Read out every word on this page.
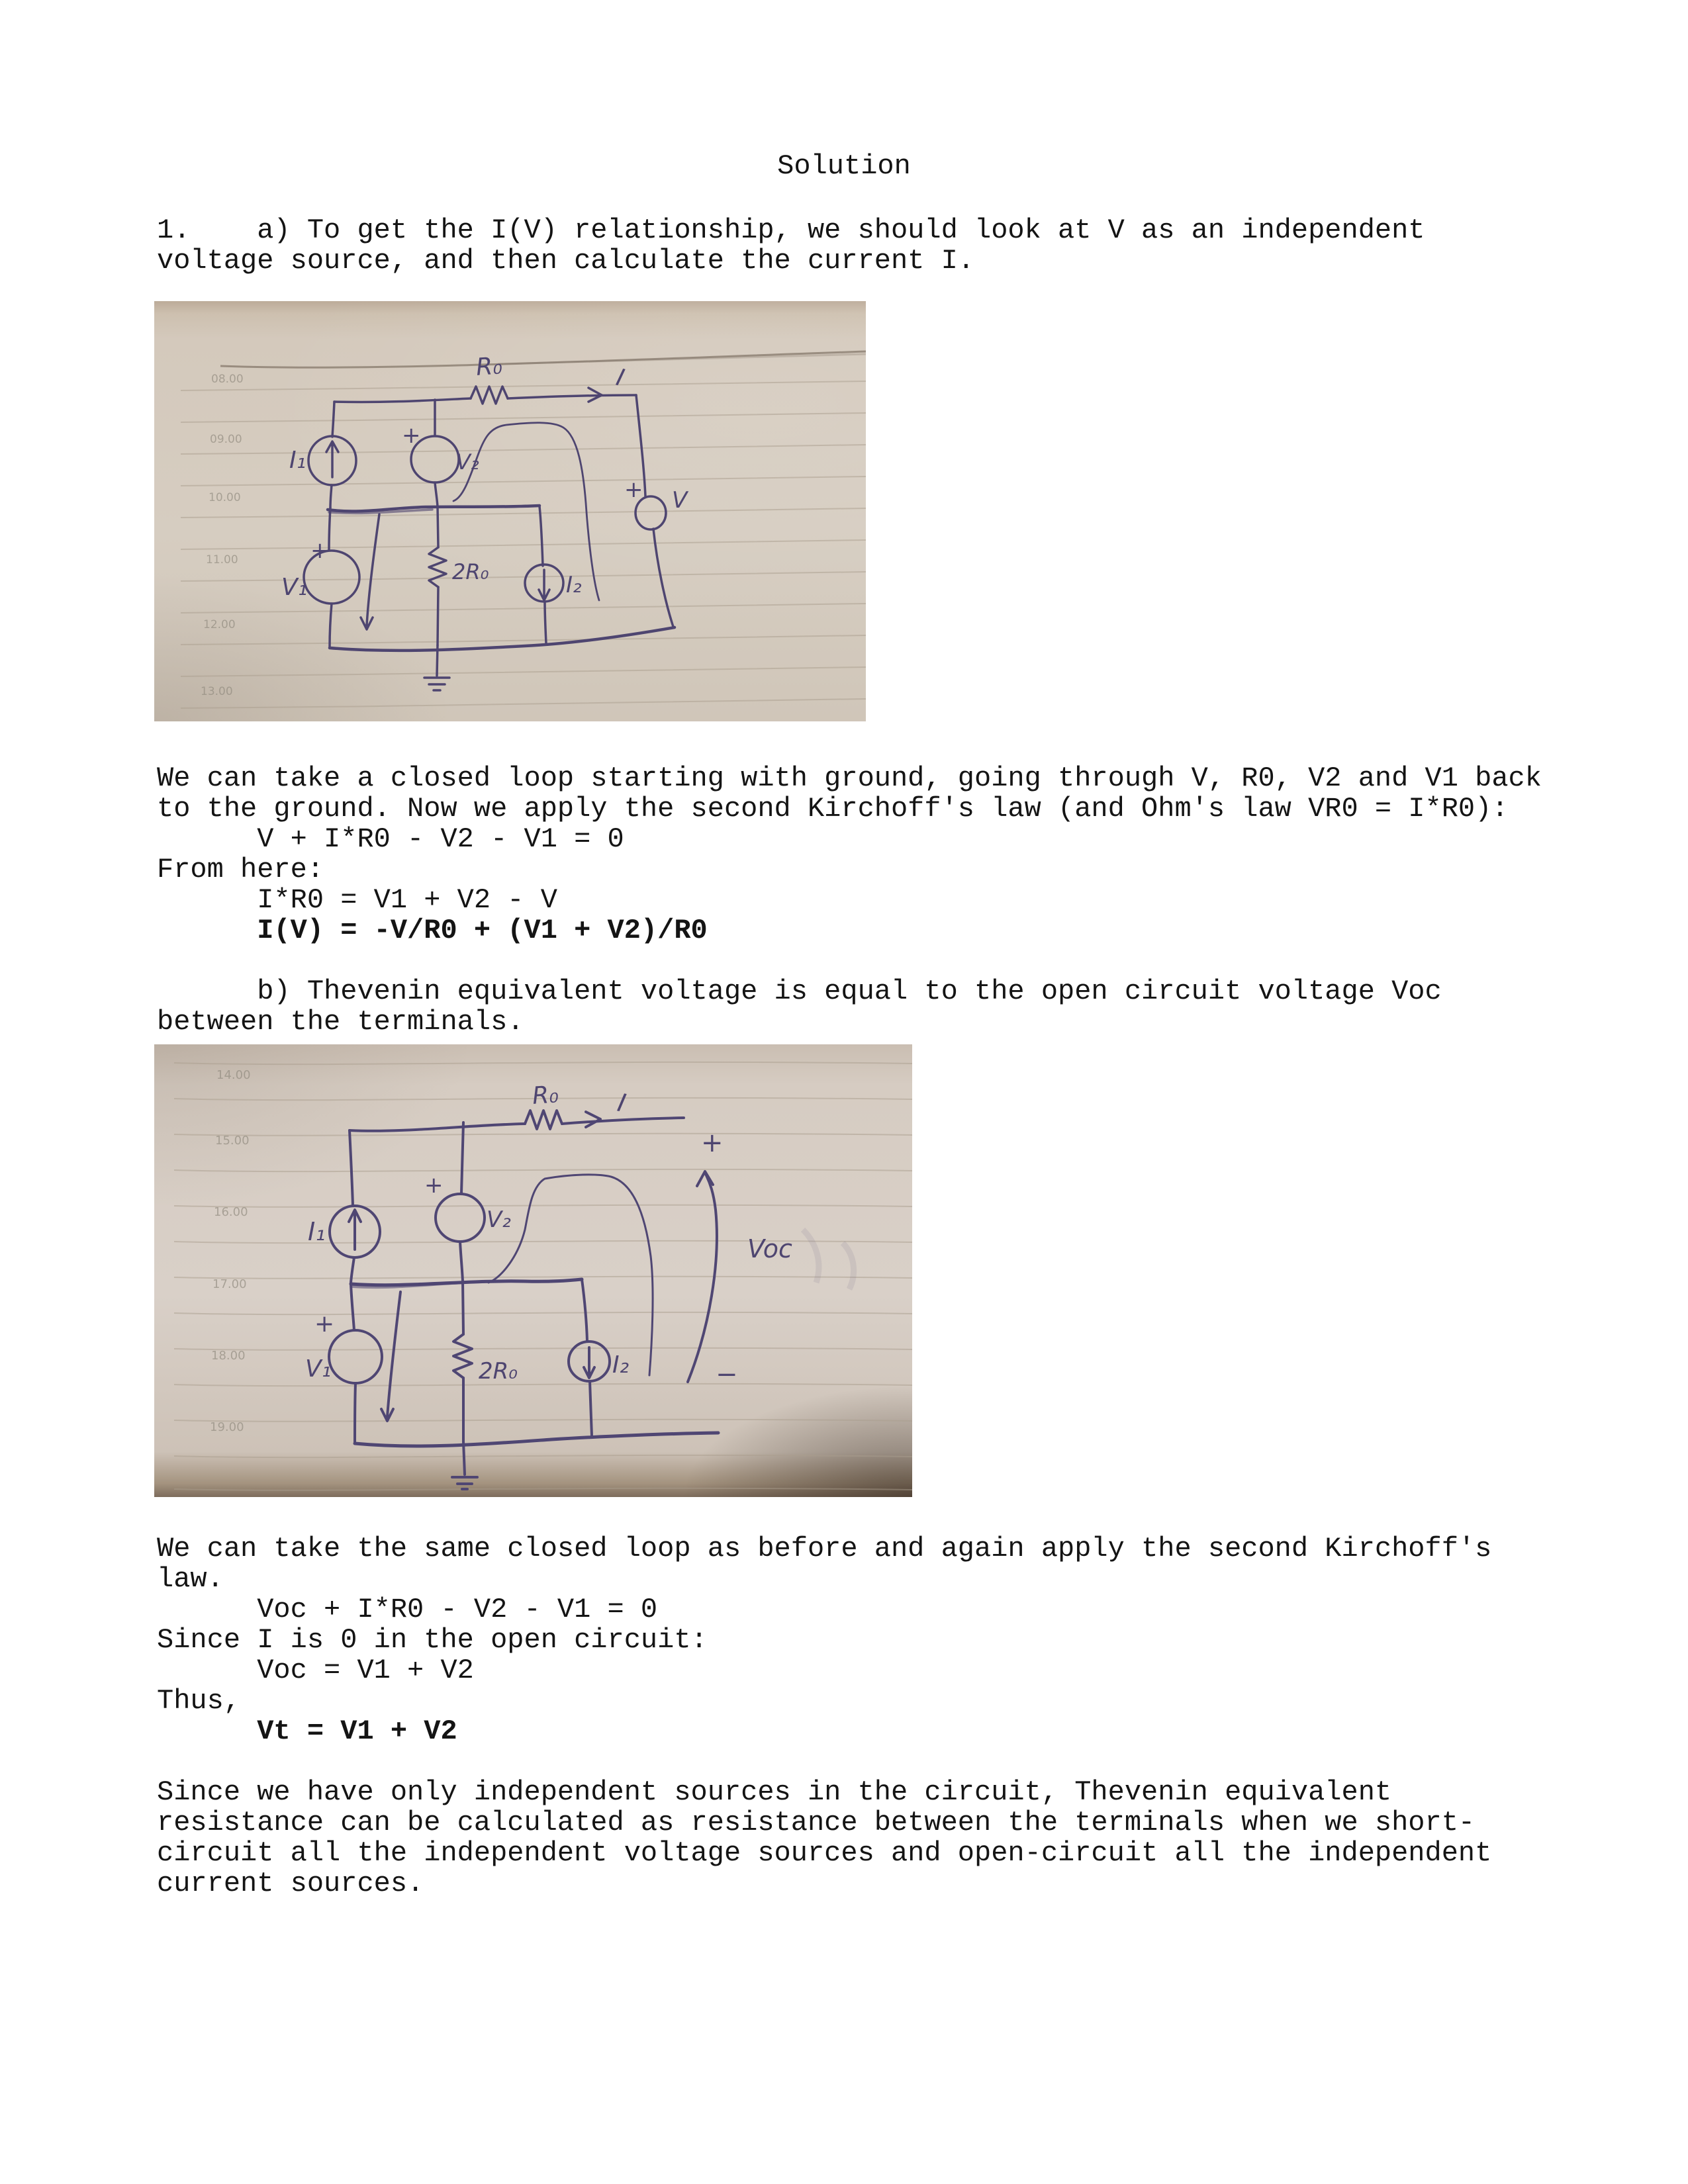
Solution
1.    a) To get the I(V) relationship, we should look at V as an independent
voltage source, and then calculate the current I.
08.00
09.00
10.00
11.00
12.00
13.00
R₀	I
I₁
+
V₂
+ V
+
V₁
2R₀	I₂
We can take a closed loop starting with ground, going through V, R0, V2 and V1 back
to the ground. Now we apply the second Kirchoff's law (and Ohm's law VR0 = I*R0):
V + I*R0 - V2 - V1 = 0
From here:
I*R0 = V1 + V2 - V
I(V) = -V/R0 + (V1 + V2)/R0
b) Thevenin equivalent voltage is equal to the open circuit voltage Voc
between the terminals.
14.00
15.00
16.00
17.00
18.00
19.00
R₀ I
I₁
+
V₂
+
V₁	2R₀	I₂
+
−
Voc
We can take the same closed loop as before and again apply the second Kirchoff's
law.
Voc + I*R0 - V2 - V1 = 0
Since I is 0 in the open circuit:
Voc = V1 + V2
Thus,
Vt = V1 + V2
Since we have only independent sources in the circuit, Thevenin equivalent
resistance can be calculated as resistance between the terminals when we short-
circuit all the independent voltage sources and open-circuit all the independent
current sources.
